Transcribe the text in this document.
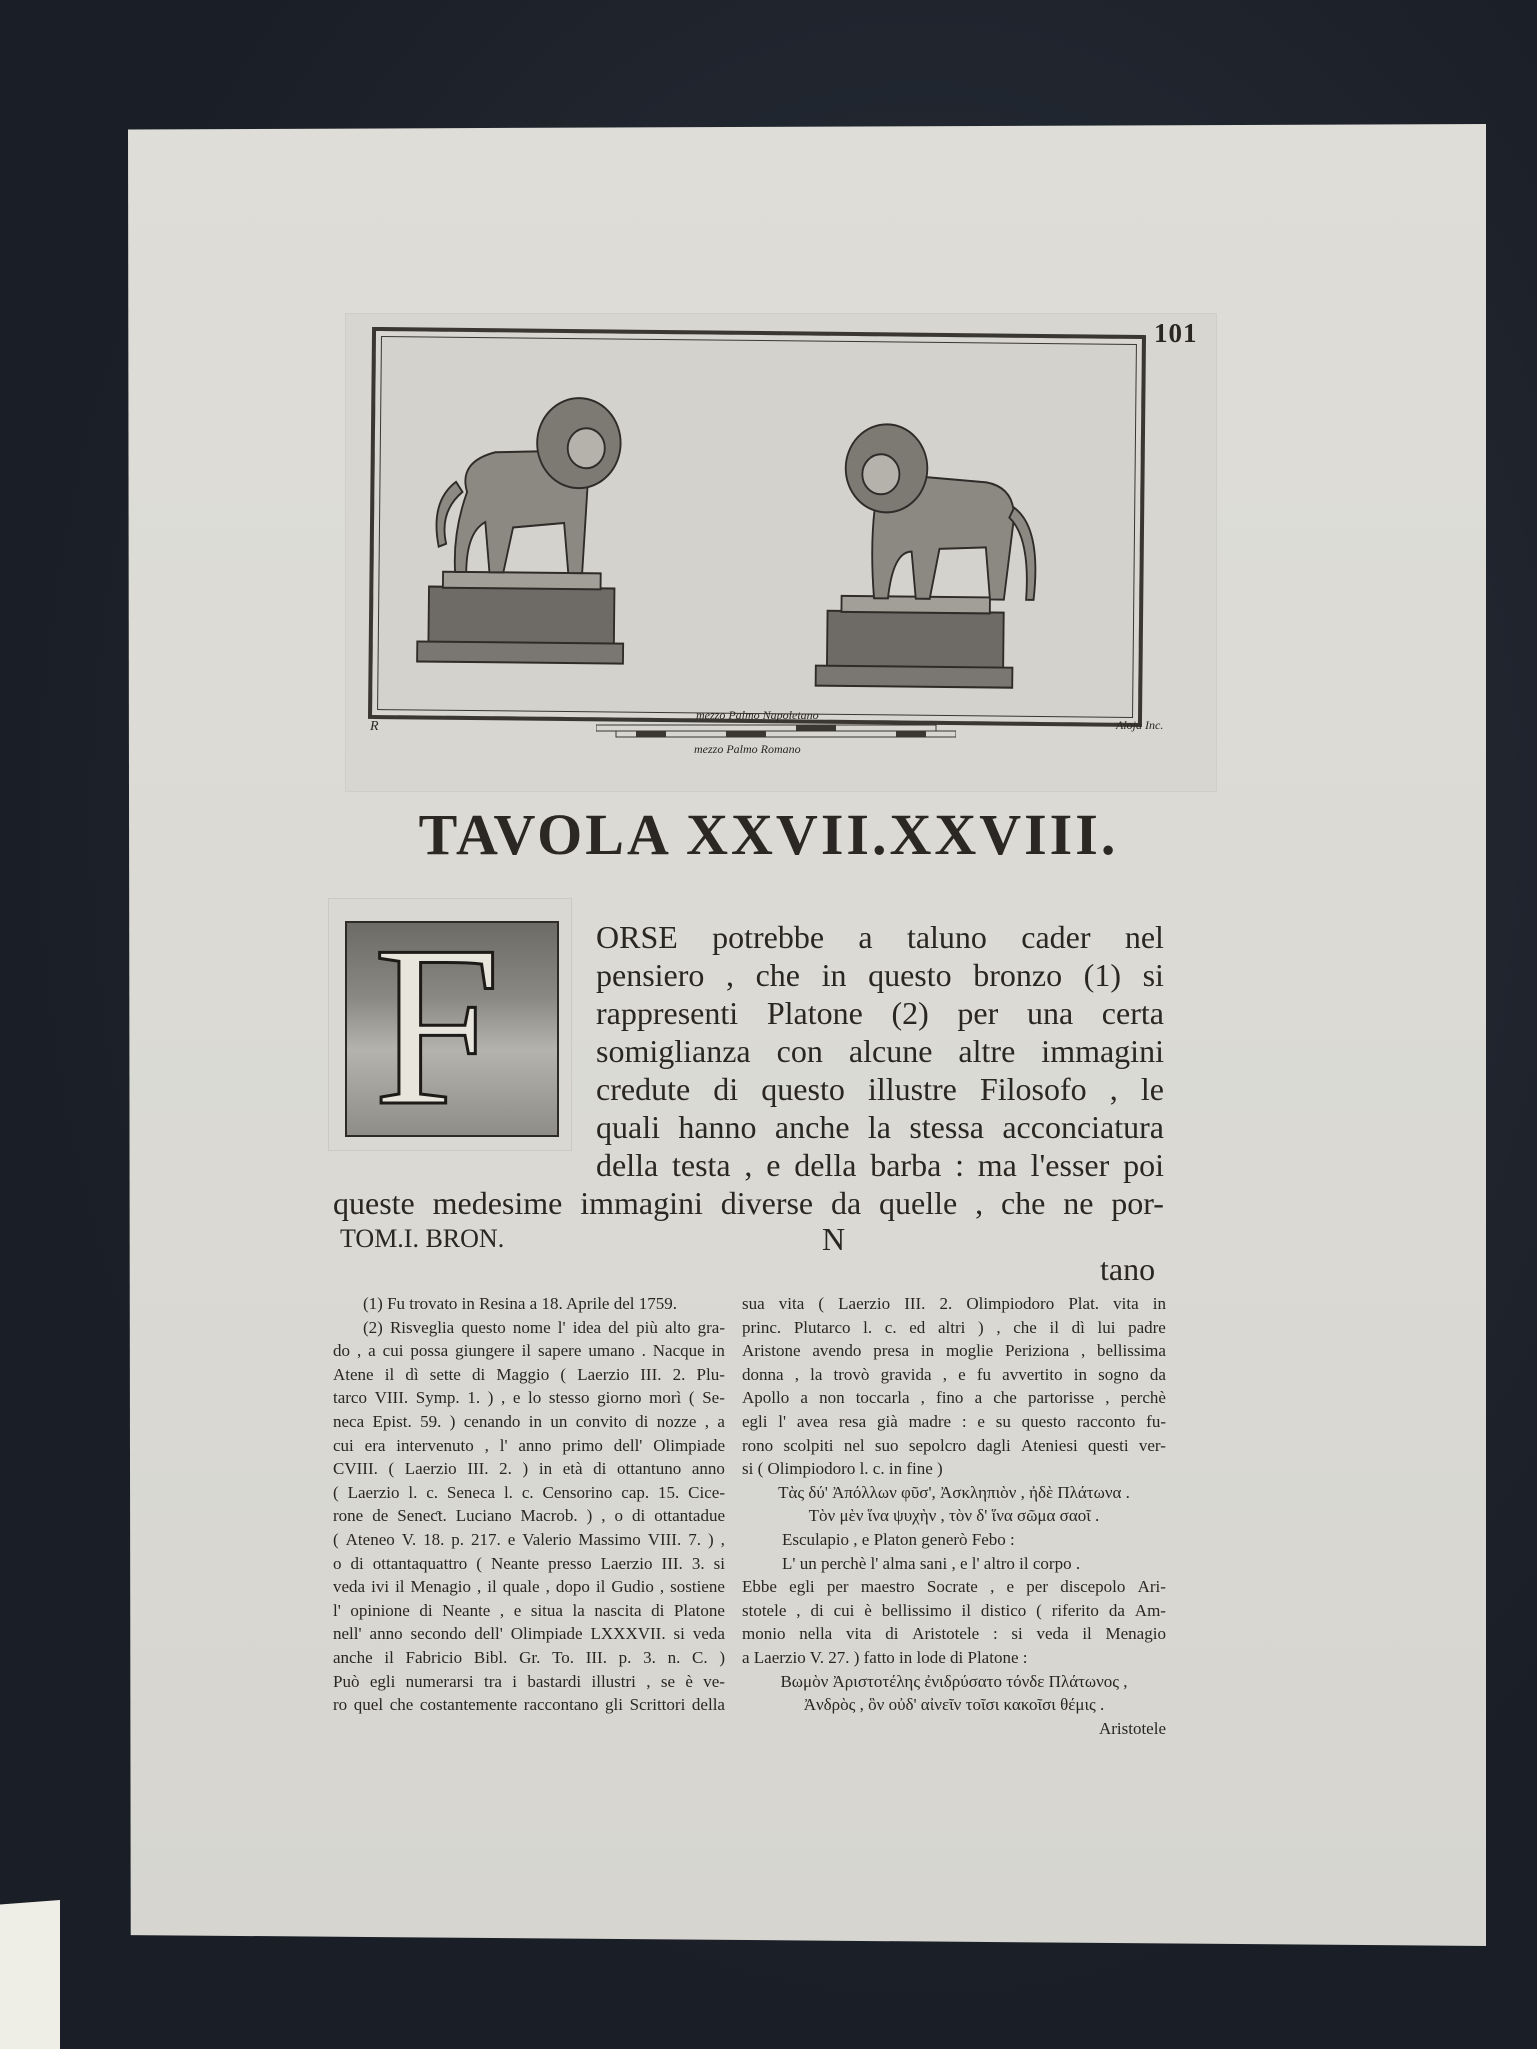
R	Aloja Inc.
mezzo Palmo Napoletano
mezzo Palmo Romano
101
TAVOLA XXVII.XXVIII.
F	ORSE potrebbe a taluno cader nel
pensiero , che in questo bronzo (1) si
rappresenti Platone (2) per una certa
somiglianza con alcune altre immagini
credute di questo illustre Filosofo , le
quali hanno anche la stessa acconciatura
della testa , e della barba : ma l'esser poi
queste medesime immagini diverse da quelle , che ne por-
TOM.I. BRON.	N
tano
(1) Fu trovato in Resina a 18. Aprile del 1759.
(2) Risveglia questo nome l' idea del più alto gra-
do , a cui possa giungere il sapere umano . Nacque in
Atene il dì sette di Maggio ( Laerzio III. 2. Plu-
tarco VIII. Symp. 1. ) , e lo stesso giorno morì ( Se-
neca Epist. 59. ) cenando in un convito di nozze , a
cui era intervenuto , l' anno primo dell' Olimpiade
CVIII. ( Laerzio III. 2. ) in età di ottantuno anno
( Laerzio l. c. Seneca l. c. Censorino cap. 15. Cice-
rone de Seneƈt. Luciano Macrob. ) , o di ottantadue
( Ateneo V. 18. p. 217. e Valerio Massimo VIII. 7. ) ,
o di ottantaquattro ( Neante presso Laerzio III. 3. si
veda ivi il Menagio , il quale , dopo il Gudio , sostiene
l' opinione di Neante , e situa la nascita di Platone
nell' anno secondo dell' Olimpiade LXXXVII. si veda
anche il Fabricio Bibl. Gr. To. III. p. 3. n. C. )
Può egli numerarsi tra i bastardi illustri , se è ve-
ro quel che costantemente raccontano gli Scrittori della
sua vita ( Laerzio III. 2. Olimpiodoro Plat. vita in
princ. Plutarco l. c. ed altri ) , che il dì lui padre
Aristone avendo presa in moglie Periziona , bellissima
donna , la trovò gravida , e fu avvertito in sogno da
Apollo a non toccarla , fino a che partorisse , perchè
egli l' avea resa già madre : e su questo racconto fu-
rono scolpiti nel suo sepolcro dagli Ateniesi questi ver-
si ( Olimpiodoro l. c. in fine )
Τὰς δύ' Ἀπόλλων φῦσ', Ἀσκληπιὸν , ἠδὲ Πλάτωνα .
Τὸν μὲν ἵνα ψυχὴν , τὸν δ' ἵνα σῶμα σαοῖ .
Esculapio , e Platon generò Febo :
L' un perchè l' alma sani , e l' altro il corpo .
Ebbe egli per maestro Socrate , e per discepolo Ari-
stotele , di cui è bellissimo il distico ( riferito da Am-
monio nella vita di Aristotele : si veda il Menagio
a Laerzio V. 27. ) fatto in lode di Platone :
Βωμὸν Ἀριστοτέλης ἐνιδρύσατο τόνδε Πλάτωνος ,
Ἀνδρὸς , ὃν οὐδ' αἰνεῖν τοῖσι κακοῖσι θέμις .
Aristotele
